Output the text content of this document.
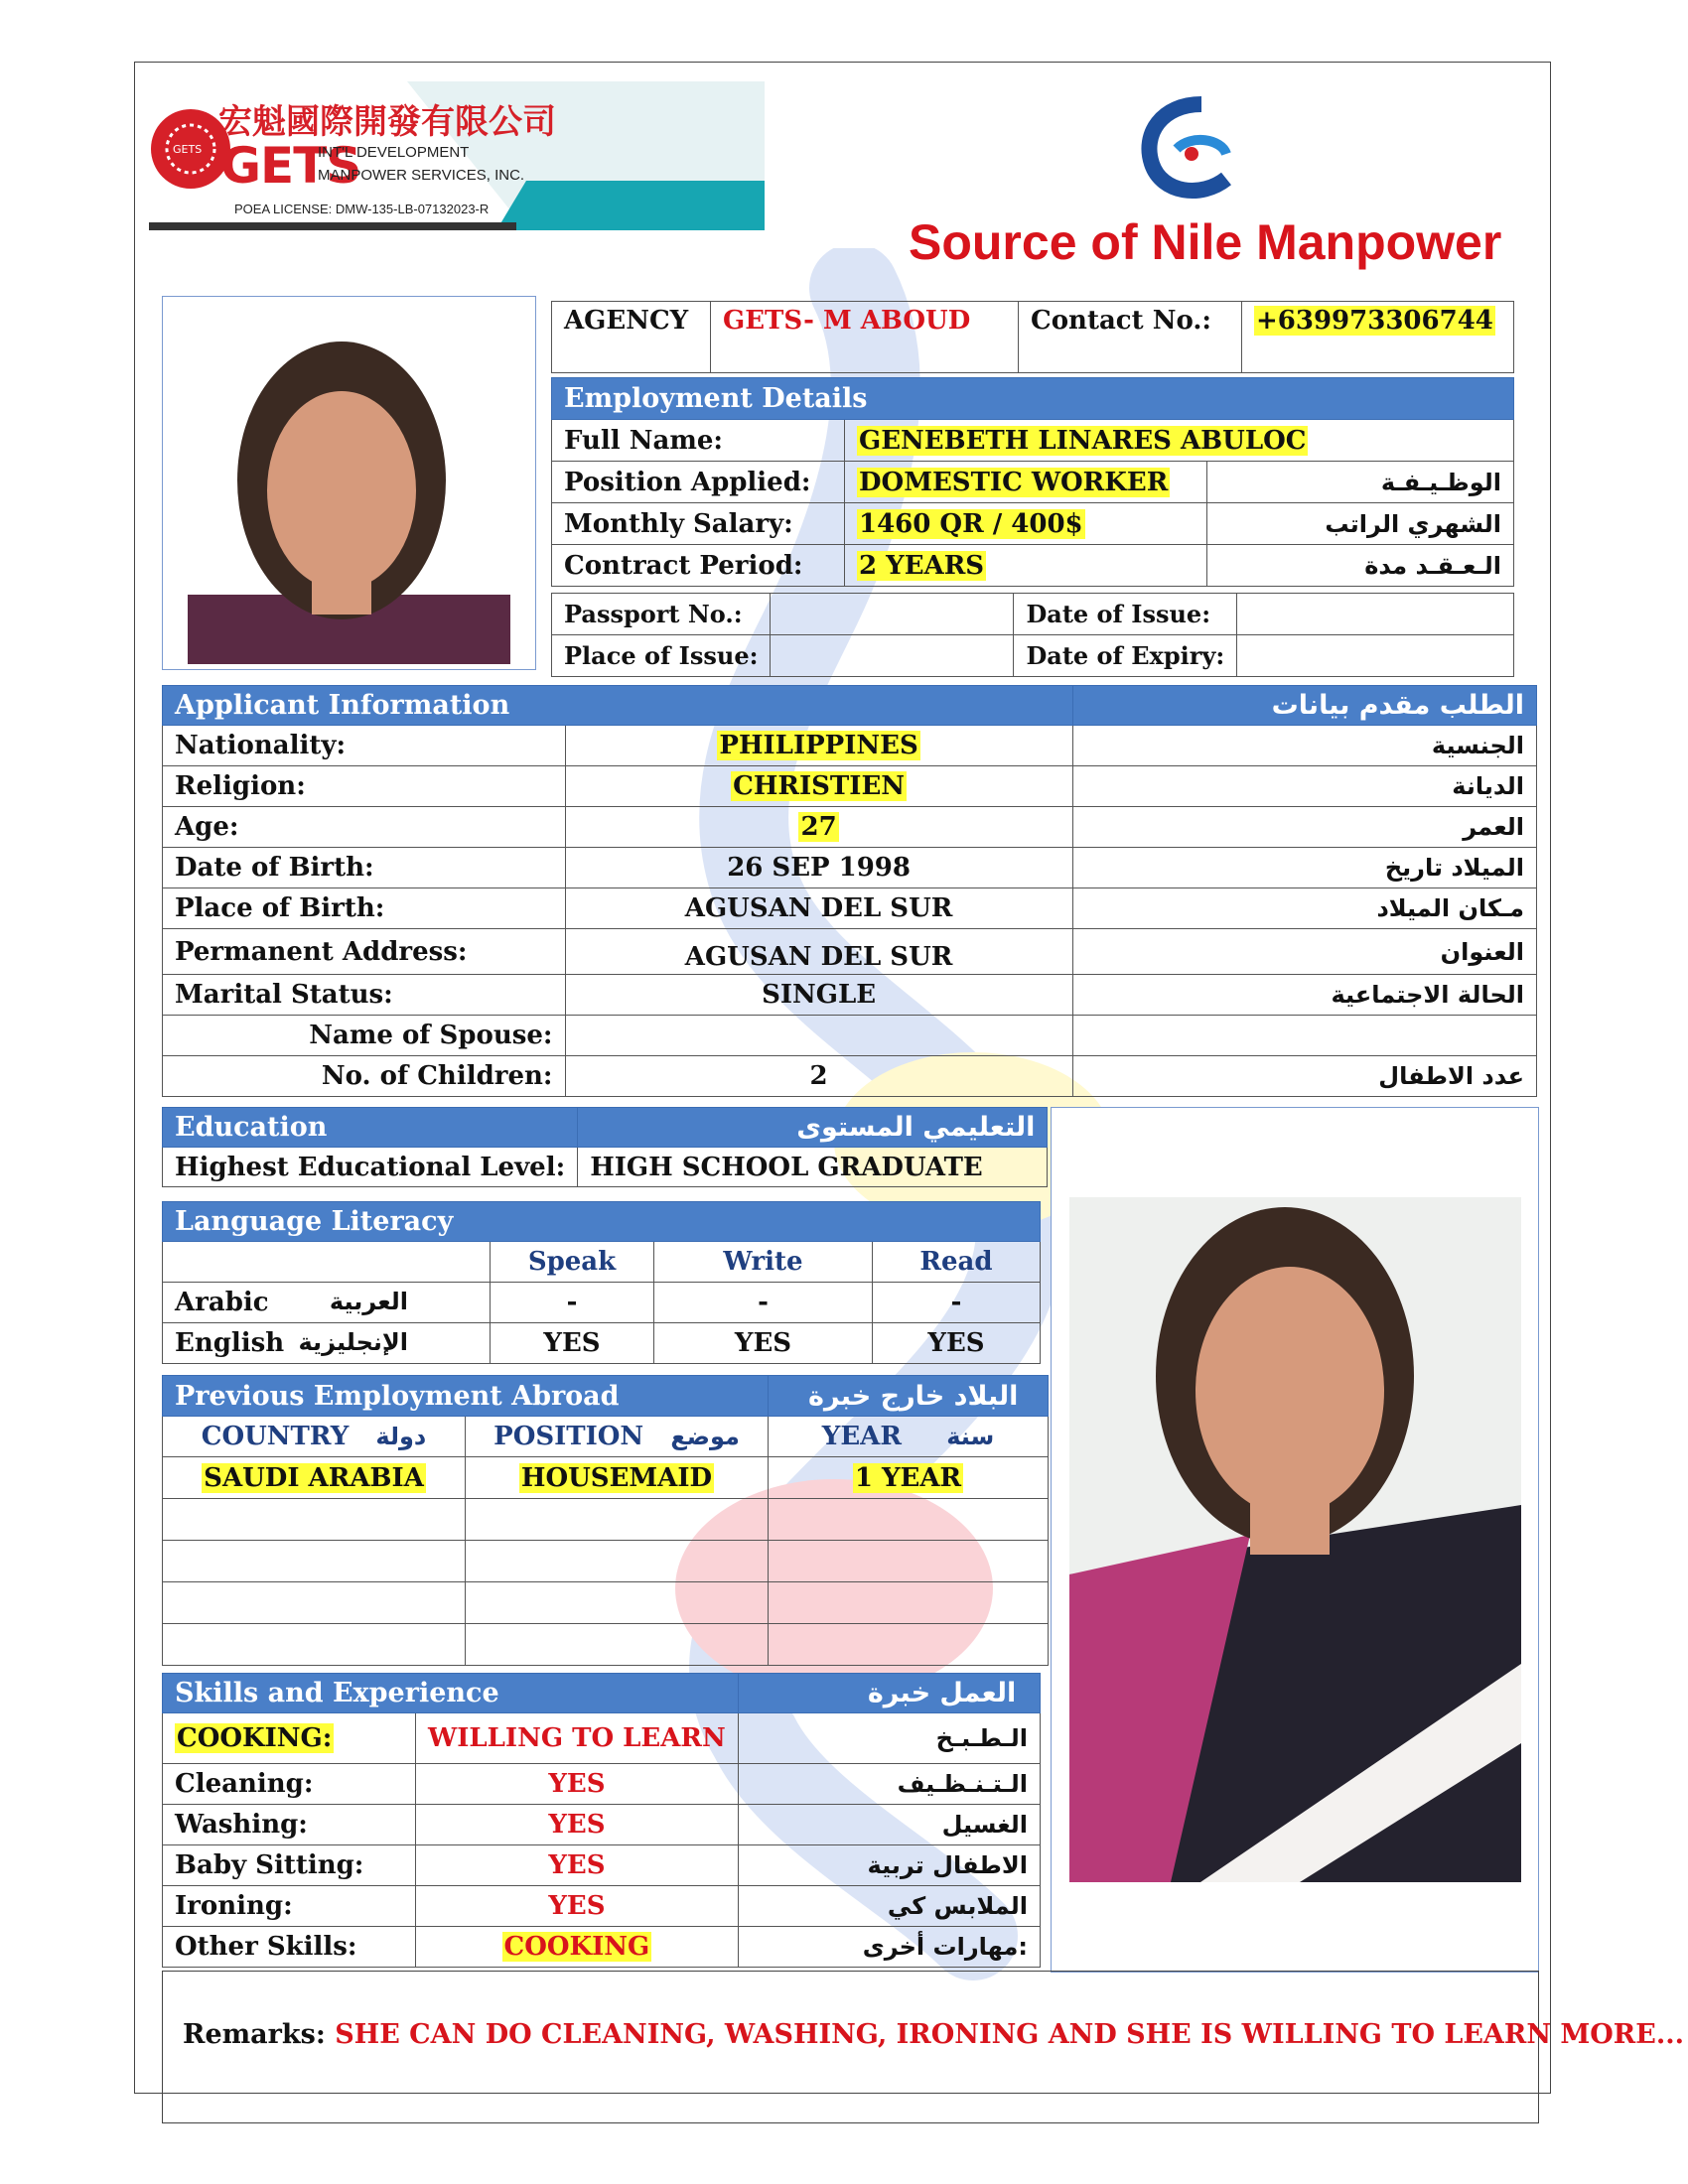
GETS
宏魁國際開發有限公司
GETS
INT'L DEVELOPMENT
MANPOWER SERVICES, INC.
POEA LICENSE: DMW-135-LB-07132023-R
Source of Nile Manpower
AGENCY	GETS- M ABOUD	Contact No.:	+639973306744
Employment Details		
Full Name:	GENEBETH LINARES ABULOC	
Position Applied:	DOMESTIC WORKER	الوظـيـفـة
Monthly Salary:	1460 QR / 400$	الشهري الراتب
Contract Period:	2 YEARS	الـعـقـد مدة
Passport No.:		Date of Issue:	
Place of Issue:		Date of Expiry:	
Applicant Information		الطلب مقدم بيانات
Nationality:	PHILIPPINES	الجنسية
Religion:	CHRISTIEN	الديانة
Age:	27	العمر
Date of Birth:	26 SEP 1998	الميلاد تاريخ
Place of Birth:	AGUSAN DEL SUR	مـكان الميلاد
Permanent Address:	AGUSAN DEL SUR	العنوان
Marital Status:	SINGLE	الحالة الاجتماعية
Name of Spouse:		
No. of Children:	2	عدد الاطفال
Education	التعليمي المستوى
Highest Educational Level:	HIGH SCHOOL GRADUATE
Language Literacy			
	Speak	Write	Read
Arabic العربية	-	-	-
English الإنجليزية	YES	YES	YES
Previous Employment Abroad		البلاد خارج خبرة
COUNTRY دولة	POSITION موضع	YEAR سنة
SAUDI ARABIA	HOUSEMAID	1 YEAR

Skills and Experience		العمل خبرة
COOKING:	WILLING TO LEARN	الـطـبـخ
Cleaning:	YES	الـتـنـظـيف
Washing:	YES	الغسيل
Baby Sitting:	YES	الاطفال تربية
Ironing:	YES	الملابس كي
Other Skills:	COOKING	مهارات أخرى:
Remarks: SHE CAN DO CLEANING, WASHING, IRONING AND SHE IS WILLING TO LEARN MORE...
